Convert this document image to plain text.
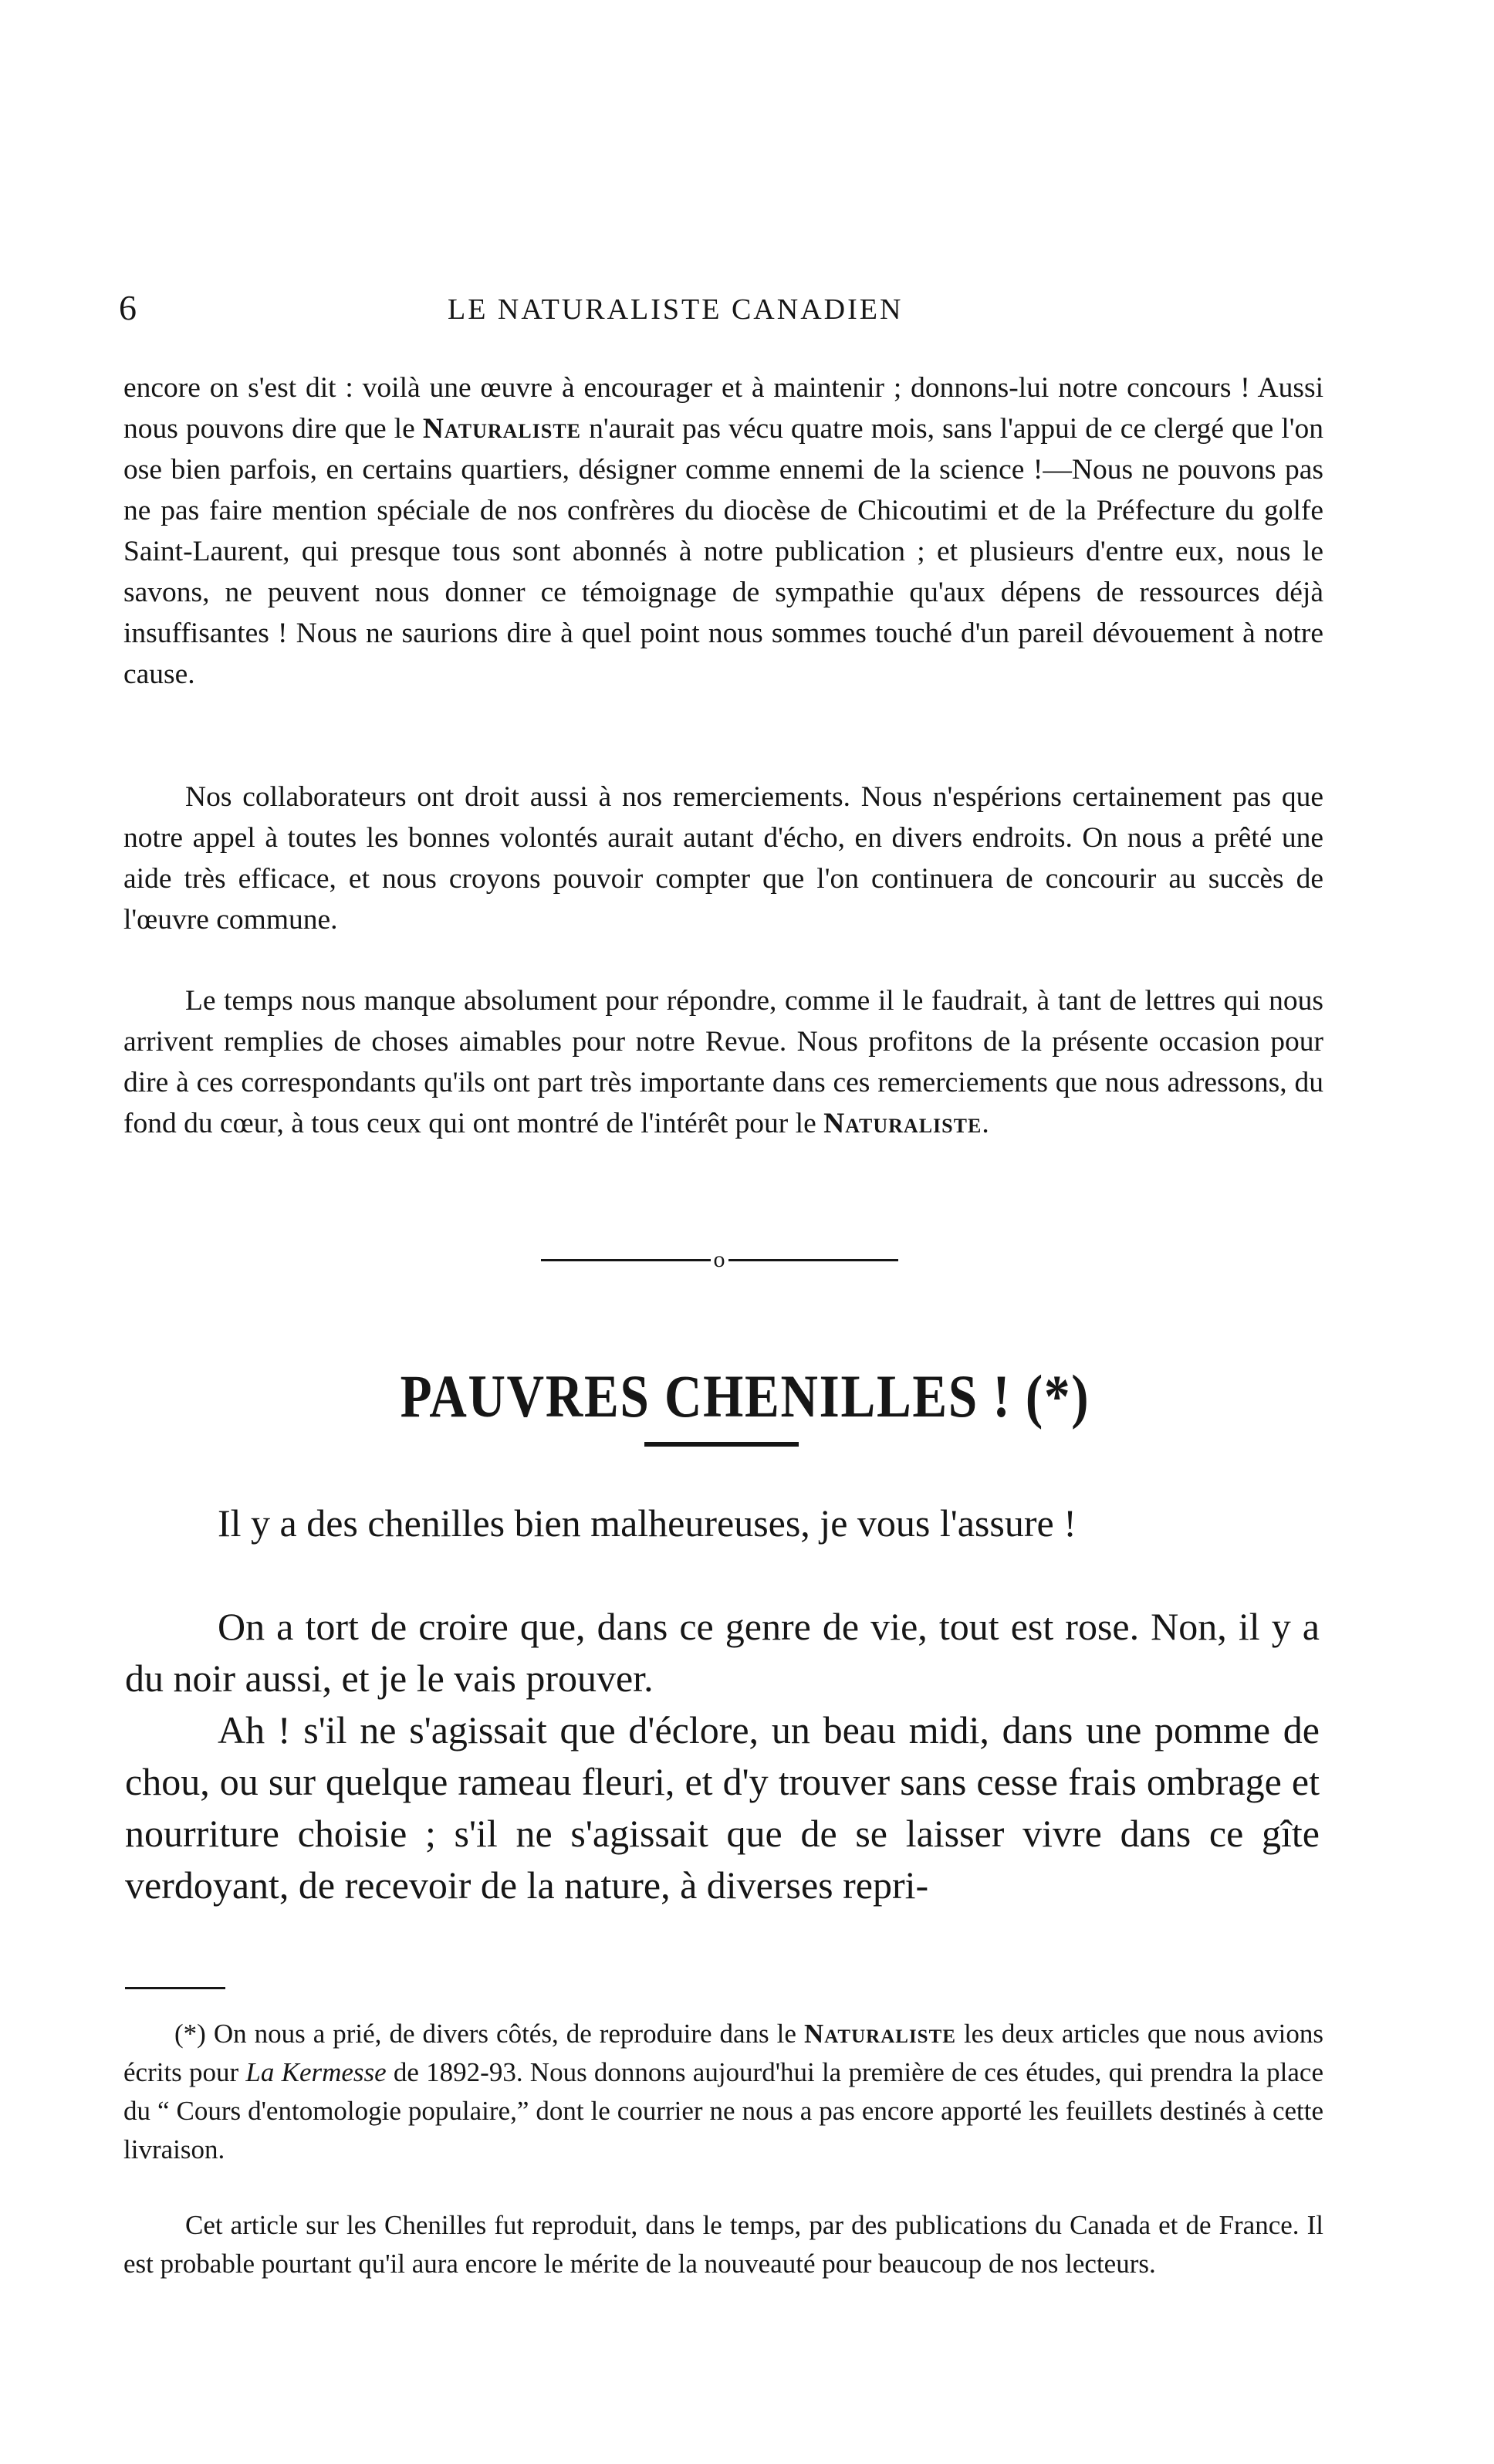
6	LE NATURALISTE CANADIEN

encore on s'est dit : voilà une œuvre à encourager et à maintenir ; donnons-lui notre concours ! Aussi nous pouvons dire que le Naturaliste n'aurait pas vécu quatre mois, sans l'appui de ce clergé que l'on ose bien parfois, en certains quartiers, désigner comme ennemi de la science !—Nous ne pouvons pas ne pas faire mention spéciale de nos confrères du diocèse de Chicoutimi et de la Préfecture du golfe Saint-Laurent, qui presque tous sont abonnés à notre publication ; et plusieurs d'entre eux, nous le savons, ne peuvent nous donner ce témoignage de sympathie qu'aux dépens de ressources déjà insuffisantes ! Nous ne saurions dire à quel point nous sommes touché d'un pareil dévouement à notre cause.

Nos collaborateurs ont droit aussi à nos remerciements. Nous n'espérions certainement pas que notre appel à toutes les bonnes volontés aurait autant d'écho, en divers endroits. On nous a prêté une aide très efficace, et nous croyons pouvoir compter que l'on continuera de concourir au succès de l'œuvre commune.

Le temps nous manque absolument pour répondre, comme il le faudrait, à tant de lettres qui nous arrivent remplies de choses aimables pour notre Revue. Nous profitons de la présente occasion pour dire à ces correspondants qu'ils ont part très importante dans ces remerciements que nous adressons, du fond du cœur, à tous ceux qui ont montré de l'intérêt pour le Naturaliste.

o
PAUVRES CHENILLES ! (*)

Il y a des chenilles bien malheureuses, je vous l'assure !

On a tort de croire que, dans ce genre de vie, tout est rose. Non, il y a du noir aussi, et je le vais prouver.

Ah ! s'il ne s'agissait que d'éclore, un beau midi, dans une pomme de chou, ou sur quelque rameau fleuri, et d'y trouver sans cesse frais ombrage et nourriture choisie ; s'il ne s'agissait que de se laisser vivre dans ce gîte verdoyant, de recevoir de la nature, à diverses repri-

(*) On nous a prié, de divers côtés, de reproduire dans le Naturaliste les deux articles que nous avions écrits pour La Kermesse de 1892-93. Nous donnons aujourd'hui la première de ces études, qui prendra la place du “ Cours d'entomologie populaire,” dont le courrier ne nous a pas encore apporté les feuillets destinés à cette livraison.

Cet article sur les Chenilles fut reproduit, dans le temps, par des publications du Canada et de France. Il est probable pourtant qu'il aura encore le mérite de la nouveauté pour beaucoup de nos lecteurs.
